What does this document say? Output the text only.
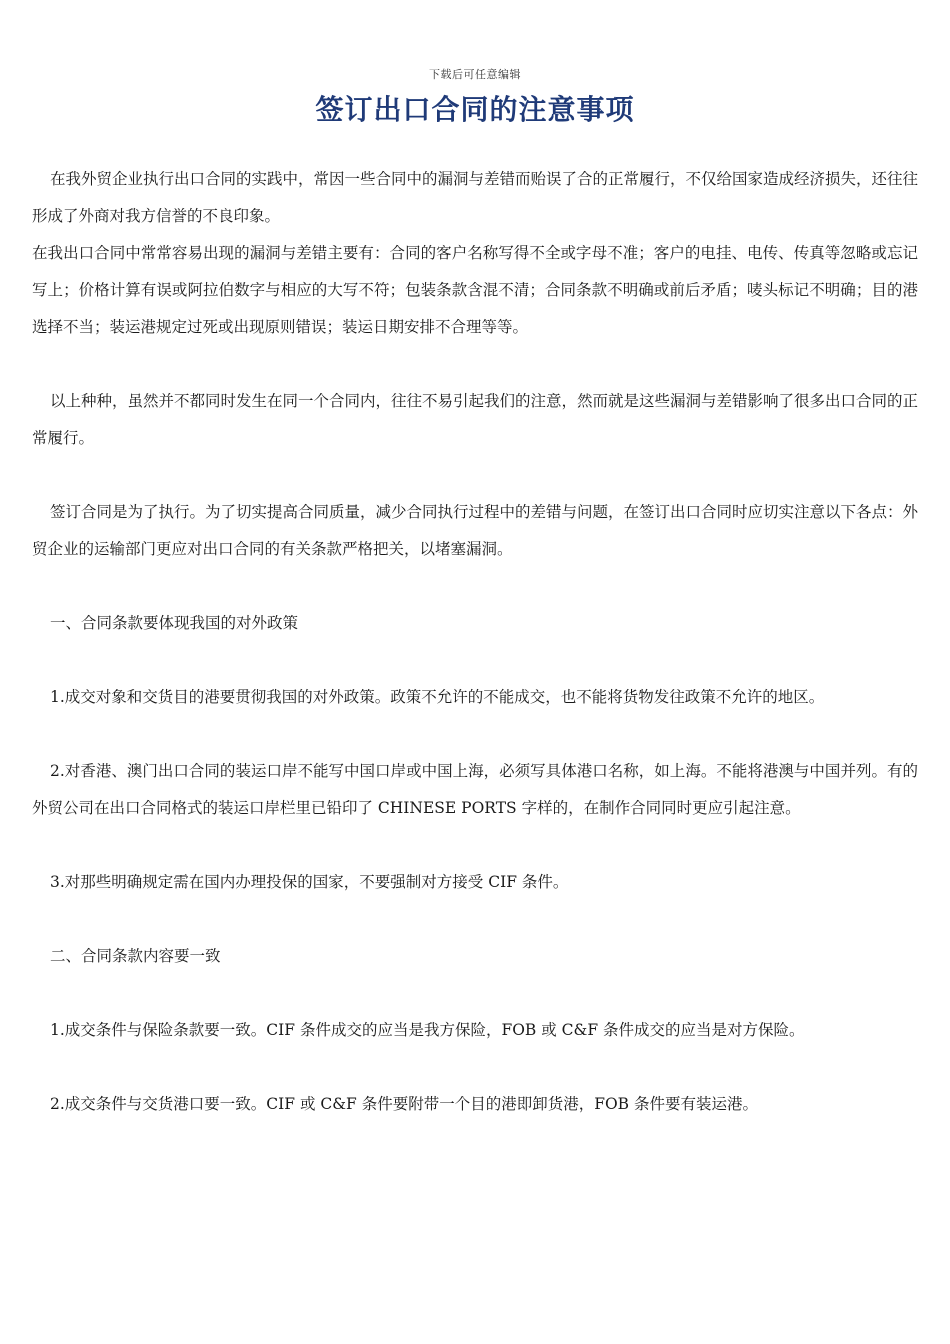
下载后可任意编辑
签订出口合同的注意事项

在我外贸企业执行出口合同的实践中，常因一些合同中的漏洞与差错而贻误了合的正常履行，不仅给国家造成经济损失，还往往形成了外商对我方信誉的不良印象。

在我出口合同中常常容易出现的漏洞与差错主要有：合同的客户名称写得不全或字母不准；客户的电挂、电传、传真等忽略或忘记写上；价格计算有误或阿拉伯数字与相应的大写不符；包装条款含混不清；合同条款不明确或前后矛盾；唛头标记不明确；目的港选择不当；装运港规定过死或出现原则错误；装运日期安排不合理等等。

以上种种，虽然并不都同时发生在同一个合同内，往往不易引起我们的注意，然而就是这些漏洞与差错影响了很多出口合同的正常履行。

签订合同是为了执行。为了切实提高合同质量，减少合同执行过程中的差错与问题，在签订出口合同时应切实注意以下各点：外贸企业的运输部门更应对出口合同的有关条款严格把关，以堵塞漏洞。

一、合同条款要体现我国的对外政策

1.成交对象和交货目的港要贯彻我国的对外政策。政策不允许的不能成交，也不能将货物发往政策不允许的地区。

2.对香港、澳门出口合同的装运口岸不能写中国口岸或中国上海，必须写具体港口名称，如上海。不能将港澳与中国并列。有的外贸公司在出口合同格式的装运口岸栏里已铅印了 CHINESE PORTS 字样的，在制作合同同时更应引起注意。

3.对那些明确规定需在国内办理投保的国家，不要强制对方接受 CIF 条件。

二、合同条款内容要一致

1.成交条件与保险条款要一致。CIF 条件成交的应当是我方保险，FOB 或 C&F 条件成交的应当是对方保险。

2.成交条件与交货港口要一致。CIF 或 C&F 条件要附带一个目的港即卸货港，FOB 条件要有装运港。
